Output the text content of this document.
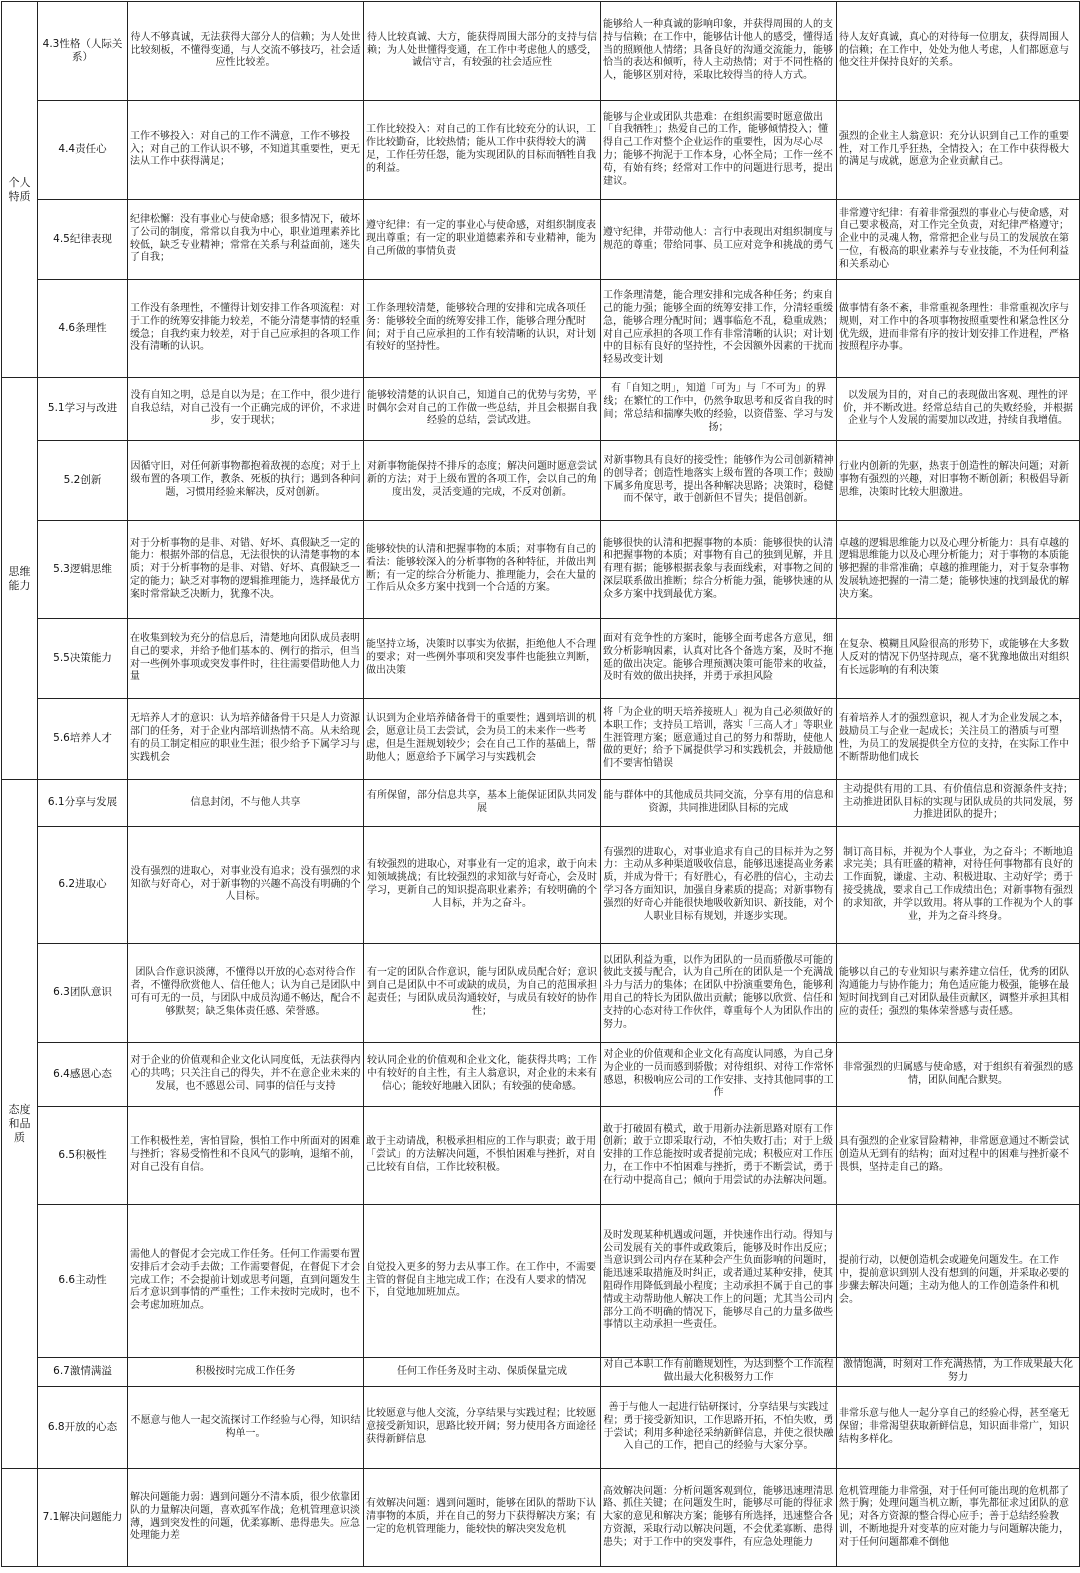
个人特质	4.3性格（人际关系）	待人不够真诚，无法获得大部分人的信赖；为人处世比较刻板，不懂得变通，与人交流不够技巧，社会适应性比较差。	待人比较真诚、大方，能获得周围大部分的支持与信赖；为人处世懂得变通，在工作中考虑他人的感受，诚信守言，有较强的社会适应性	能够给人一种真诚的影响印象，并获得周围的人的支持与信赖；在工作中，能够估计他人的感受，懂得适当的照顾他人情绪；具备良好的沟通交流能力，能够恰当的表达和倾听，待人主动热情；对于不同性格的人，能够区别对待，采取比较得当的待人方式。	待人友好真诚，真心的对待每一位朋友，获得周围人的信赖；在工作中，处处为他人考虑，人们都愿意与他交往并保持良好的关系。
	4.4责任心	工作不够投入：对自己的工作不满意，工作不够投入；对自己的工作认识不够，不知道其重要性，更无法从工作中获得满足；	工作比较投入：对自己的工作有比较充分的认识，工作比较勤奋，比较热情；能从工作中获得较大的满足，工作任劳任怨，能为实现团队的目标而牺牲自我的利益。	能够与企业或团队共患难：在组织需要时愿意做出「自我牺牲」；热爱自己的工作，能够倾情投入；懂得自己工作对整个企业运作的重要性，因为尽心尽力；能够不拘泥于工作本身，心怀全局；工作一丝不苟，有始有终；经常对工作中的问题进行思考，提出建议。	强烈的企业主人翁意识：充分认识到自己工作的重要性，对工作几乎狂热，全情投入；在工作中获得极大的满足与成就，愿意为企业贡献自己。
	4.5纪律表现	纪律松懈：没有事业心与使命感；很多情况下，破坏了公司的制度，常常以自我为中心，职业道理素养比较低，缺乏专业精神；常常在关系与利益面前，迷失了自我；	遵守纪律：有一定的事业心与使命感，对组织制度表现出尊重；有一定的职业道德素养和专业精神，能为自己所做的事情负责	遵守纪律，并带动他人：言行中表现出对组织制度与规范的尊重；带给同事、员工应对竞争和挑战的勇气	非常遵守纪律：有着非常强烈的事业心与使命感，对自己要求极高，对工作完全负责，对纪律严格遵守；企业中的灵魂人物，常常把企业与员工的发展放在第一位，有极高的职业素养与专业技能，不为任何利益和关系动心
	4.6条理性	工作没有条理性，不懂得计划安排工作各项流程：对于工作的统筹安排能力较差，不能分清楚事情的轻重缓急；自我约束力较差，对于自己应承担的各项工作没有清晰的认识。	工作条理较清楚，能够较合理的安排和完成各项任务：能够较全面的统筹安排工作，能够合理分配时间；对于自己应承担的工作有较清晰的认识，对计划有较好的坚持性。	工作条理清楚，能合理安排和完成各种任务；约束自己的能力强；能够全面的统筹安排工作，分清轻重缓急，能够合理分配时间；遇事临危不乱，稳重成熟；对自己应承担的各项工作有非常清晰的认识；对计划中的目标有良好的坚持性，不会因额外因素的干扰而轻易改变计划	做事情有条不紊，非常重视条理性：非常重视次序与规则，对工作中的各项事物按照重要性和紧急性区分优先级，进而非常有序的按计划安排工作进程，严格按照程序办事。
思维能力	5.1学习与改进	没有自知之明，总是自以为是；在工作中，很少进行自我总结，对自己没有一个正确完成的评价，不求进步，安于现状；	能够较清楚的认识自己，知道自己的优势与劣势，平时偶尔会对自己的工作做一些总结，并且会根据自我经验的总结，尝试改进。	有「自知之明」，知道「可为」与「不可为」的界线；在繁忙的工作中，仍然争取思考和反省自我的时间；常总结和揣摩失败的经验，以资借鉴、学习与发扬；	以发展为目的，对自己的表现做出客观、理性的评价，并不断改进。经常总结自己的失败经验，并根据企业与个人发展的需要加以改进，持续自我增值。
	5.2创新	因循守旧，对任何新事物都抱着敌视的态度；对于上级布置的各项工作，教条、死板的执行；遇到各种问题，习惯用经验来解决，反对创新。	对新事物能保持不排斥的态度；解决问题时愿意尝试新的方法；对于上级布置的各项工作，会以自己的角度出发，灵活变通的完成，不反对创新。	对新事物具有良好的接受性；能够作为公司创新精神的创导者；创造性地落实上级布置的各项工作；鼓励下属多角度思考，提出各种解决思路；决策时，稳健而不保守，敢于创新但不冒失；提倡创新。	行业内创新的先驱，热衷于创造性的解决问题；对新事物有强烈的兴趣，对旧事物不断创新；积极倡导新思维，决策时比较大胆激进。
	5.3逻辑思维	对于分析事物的是非、对错、好坏、真假缺乏一定的能力：根据外部的信息，无法很快的认清楚事物的本质；对于分析事物的是非、对错、好坏、真假缺乏一定的能力；缺乏对事物的逻辑推理能力，选择最优方案时常常缺乏决断力，犹豫不决。	能够较快的认清和把握事物的本质；对事物有自己的看法：能够较深入的分析事物的各种特征，并做出判断；有一定的综合分析能力、推理能力，会在大量的工作后从众多方案中找到一个合适的方案。	能够很快的认清和把握事物的本质：能够很快的认清和把握事物的本质；对事物有自己的独到见解，并且有理有据；能够根据表象与表面线索，对事物之间的深层联系做出推断；综合分析能力强，能够快速的从众多方案中找到最优方案。	卓越的逻辑思维能力以及心理分析能力：具有卓越的逻辑思维能力以及心理分析能力；对于事物的本质能够把握的非常准确；卓越的推理能力，对于复杂事物发展轨迹把握的一清二楚；能够快速的找到最优的解决方案。
	5.5决策能力	在收集到较为充分的信息后，清楚地向团队成员表明自己的要求，并给予他们基本的、例行的指示，但当对一些例外事项或突发事件时，往往需要借助他人力量	能坚持立场，决策时以事实为依据，拒绝他人不合理的要求；对一些例外事项和突发事件也能独立判断，做出决策	面对有竞争性的方案时，能够全面考虑各方意见，细致分析影响因素，认真对比各个备选方案，及时不拖延的做出决定。能够合理预测决策可能带来的收益，及时有效的做出抉择，并勇于承担风险	在复杂、模糊且风险很高的形势下，或能够在大多数人反对的情况下仍坚持现点，毫不犹豫地做出对组织有长远影响的有利决策
	5.6培养人才	无培养人才的意识：认为培养储备骨干只是人力资源部门的任务，对于企业内部培训热情不高。从未给现有的员工制定相应的职业生涯；很少给予下属学习与实践机会	认识到为企业培养储备骨干的重要性；遇到培训的机会，愿意让员工去尝试，会为员工的未来作一些考虑，但是生涯规划较少；会在自己工作的基础上，帮助他人；愿意给予下属学习与实践机会	将「为企业的明天培养接班人」视为自己必须做好的本职工作；支持员工培训，落实「三高人才」等职业生涯管理方案；愿意通过自己的努力和帮助，使他人做的更好；给予下属提供学习和实践机会，并鼓励他们不要害怕错误	有着培养人才的强烈意识，视人才为企业发展之本，鼓励员工与企业一起成长；关注员工的潜质与可塑性，为员工的发展提供全方位的支持，在实际工作中不断帮助他们成长
态度和品质	6.1分享与发展	信息封闭，不与他人共享	有所保留，部分信息共享，基本上能保证团队共同发展	能与群体中的其他成员共同交流，分享有用的信息和资源，共同推进团队目标的完成	主动提供有用的工具、有价值信息和资源条件支持；主动推进团队目标的实现与团队成员的共同发展，努力推进团队的提升；
	6.2进取心	没有强烈的进取心，对事业没有追求；没有强烈的求知欲与好奇心，对于新事物的兴趣不高没有明确的个人目标。	有较强烈的进取心，对事业有一定的追求，敢于向未知领域挑战；有比较强烈的求知欲与好奇心，会及时学习，更新自己的知识提高职业素养；有较明确的个人目标，并为之奋斗。	有强烈的进取心，对事业追求有自己的目标并为之努力：主动从多种渠道吸收信息，能够迅速提高业务素质，并成为骨干；有好胜心，有必胜的信心，主动去学习各方面知识，加强自身素质的提高；对新事物有强烈的好奇心并能很快地吸收新知识、新技能，对个人职业目标有规划，并逐步实现。	制订高目标，并视为个人事业，为之奋斗；不断地追求完美；具有旺盛的精神，对待任何事物都有良好的工作面貌，谦虚、主动、积极进取、主动好学；勇于接受挑战，要求自己工作成绩出色；对新事物有强烈的求知欲，并学以致用。将从事的工作视为个人的事业，并为之奋斗终身。
	6.3团队意识	团队合作意识淡薄，不懂得以开放的心态对待合作者，不懂得欣赏他人、信任他人；认为自己是团队中可有可无的一员，与团队中成员沟通不畅达，配合不够默契；缺乏集体责任感、荣誉感。	有一定的团队合作意识，能与团队成员配合好；意识到自己是团队中不可或缺的成员，为自己的范围承担起责任；与团队成员沟通较好，与成员有较好的协作性；	以团队利益为重，以作为团队的一员而骄傲尽可能的彼此支援与配合，认为自己所在的团队是一个充满战斗力与活力的集体；在团队中扮演重要角色，能够利用自己的特长为团队做出贡献；能够以欣赏、信任和支持的心态对待工作伙伴，尊重每个人为团队作出的努力。	能够以自己的专业知识与素养建立信任，优秀的团队沟通能力与协作能力；角色适应能力极强，能够在最短时间找到自己对团队最佳贡献区，调整并承担其相应的责任；强烈的集体荣誉感与责任感。
	6.4感恩心态	对于企业的价值观和企业文化认同度低，无法获得内心的共鸣；只关注自己的得失，并不在意企业未来的发展，也不感恩公司、同事的信任与支持	较认同企业的价值观和企业文化，能获得共鸣；工作中有较好的自主性，有主人翁意识，对企业的未来有信心；能较好地融入团队；有较强的使命感。	对企业的价值观和企业文化有高度认同感，为自己身为企业的一员而感到骄傲；对待组织、对待工作常怀感恩，积极响应公司的工作安排、支持其他同事的工作	非常强烈的归属感与使命感，对于组织有着强烈的感情，团队间配合默契。
	6.5积极性	工作积极性差，害怕冒险，惧怕工作中所面对的困难与挫折；容易受惰性和不良风气的影响，退缩不前，对自己没有自信。	敢于主动请战，积极承担相应的工作与职责；敢于用「尝试」的方法解决问题，不惧怕困难与挫折，对自己比较有自信，工作比较积极。	敢于打破固有模式，敢于用新办法新思路对原有工作创新；敢于立即采取行动，不怕失败打击；对于上级安排的工作总能按时或者提前完成；积极应对工作压力，在工作中不怕困难与挫折，勇于不断尝试，勇于在行动中提高自己；倾向于用尝试的办法解决问题。	具有强烈的企业家冒险精神，非常愿意通过不断尝试创造从无到有的结构；面对过程中的困难与挫折豪不畏惧，坚持走自己的路。
	6.6主动性	需他人的督促才会完成工作任务。任何工作需要布置安排后才会动手去做；工作需要督促，在督促下才会完成工作；不会提前计划或思考问题，直到问题发生后才意识到事情的严重性；工作未按时完成时，也不会考虑加班加点。	自觉投入更多的努力去从事工作。在工作中，不需要主管的督促自主地完成工作；在没有人要求的情况下，自觉地加班加点。	及时发现某种机遇或问题，并快速作出行动。得知与公司发展有关的事件或政策后，能够及时作出反应；当意识到公司内存在某种会产生负面影响的问题时，能迅速采取措施及时纠正，或者通过某种安排，使其阻碍作用降低到最小程度；主动承担不属于自己的事情或主动帮助他人解决工作上的问题；尤其当公司内部分工尚不明确的情况下，能够尽自己的力量多做些事情以主动承担一些责任。	提前行动，以便创造机会或避免问题发生。在工作中，提前意识到别人没有想到的问题，并采取必要的步骤去解决问题；主动为他人的工作创造条件和机会。
	6.7激情满溢	积极按时完成工作任务	任何工作任务及时主动、保质保量完成	对自己本职工作有前瞻规划性，为达到整个工作流程做出最大化积极努力工作	激情饱满，时刻对工作充满热情，为工作成果最大化努力
	6.8开放的心态	不愿意与他人一起交流探讨工作经验与心得，知识结构单一。	比较愿意与他人交流，分享结果与实践过程；比较愿意接受新知识，思路比较开阔；努力使用各方面途径获得新鲜信息	善于与他人一起进行钻研探讨，分享结果与实践过程；勇于接受新知识，工作思路开拓，不怕失败，勇于尝试；利用多种途径采纳新鲜信息，并使之很快融入自己的工作，把自己的经验与大家分享。	非常乐意与他人一起分享自己的经验心得，甚至毫无保留；非常渴望获取新鲜信息，知识面非常广，知识结构多样化。
	7.1解决问题能力	解决问题能力弱：遇到问题分不清本质，很少依靠团队的力量解决问题，喜欢孤军作战；危机管理意识淡薄，遇到突发性的问题，优柔寡断、患得患失。应急处理能力差	有效解决问题：遇到问题时，能够在团队的帮助下认清事物的本质，并在自己的努力下获得解决方案；有一定的危机管理能力，能较快的解决突发危机	高效解决问题：分析问题客观到位，能够迅速理清思路、抓住关键；在问题发生时，能够尽可能的得征求大家的意见和解决方案；能够有所选择，迅速整合各方资源，采取行动以解决问题，不会优柔寡断、患得患失；对于工作中的突发事件，有应急处理能力	危机管理能力非常强，对于任何可能出现的危机都了然于胸；处理问题当机立断，事先都征求过团队的意见；对各方资源的整合得心应手；善于总结经验教训，不断地提升对变革的应对能力与问题解决能力，对于任何问题都难不倒他
